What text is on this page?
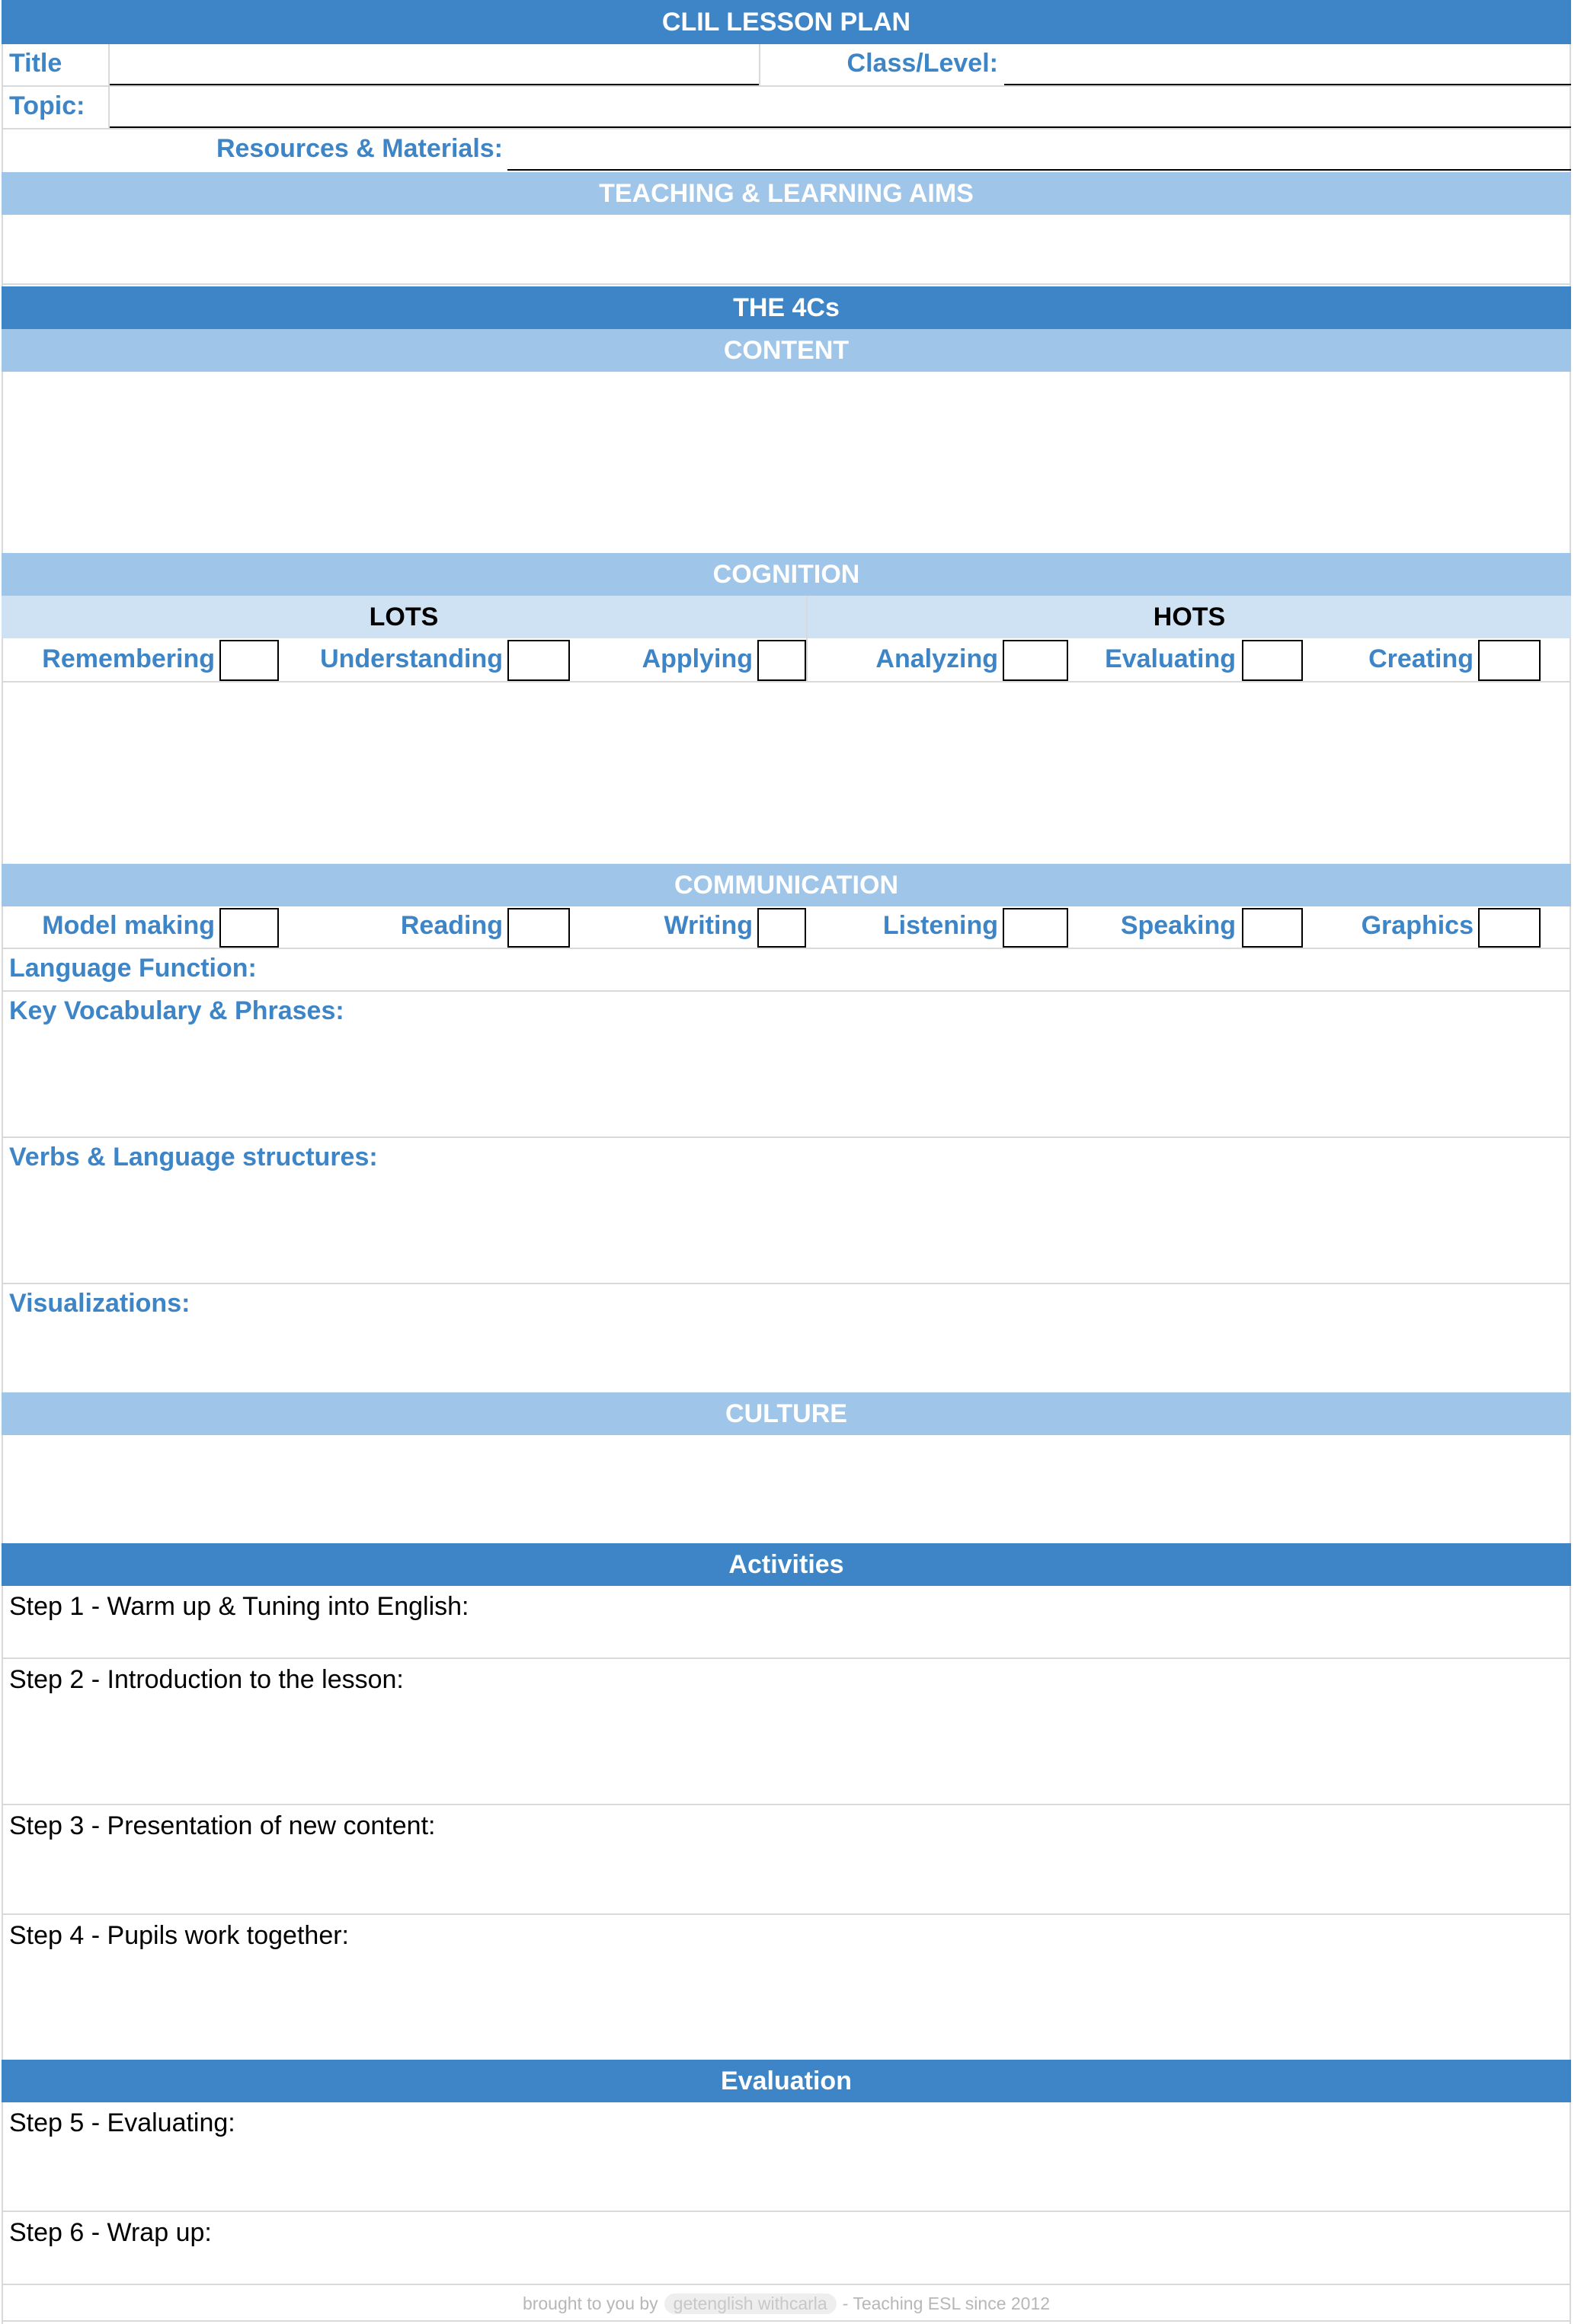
CLIL LESSON PLAN
Title	Class/Level:
Topic:
Resources & Materials:
TEACHING & LEARNING AIMS
THE 4Cs
CONTENT
COGNITION
LOTS	HOTS
Remembering	Understanding	Applying	Analyzing	Evaluating	Creating
COMMUNICATION
Model making	Reading	Writing	Listening	Speaking	Graphics
Language Function:
Key Vocabulary & Phrases:
Verbs & Language structures:
Visualizations:
CULTURE
Activities
Step 1 - Warm up & Tuning into English:
Step 2 - Introduction to the lesson:
Step 3 - Presentation of new content:
Step 4 - Pupils work together:
Evaluation
Step 5 - Evaluating:
Step 6 - Wrap up:
brought to you by getenglish withcarla - Teaching ESL since 2012
